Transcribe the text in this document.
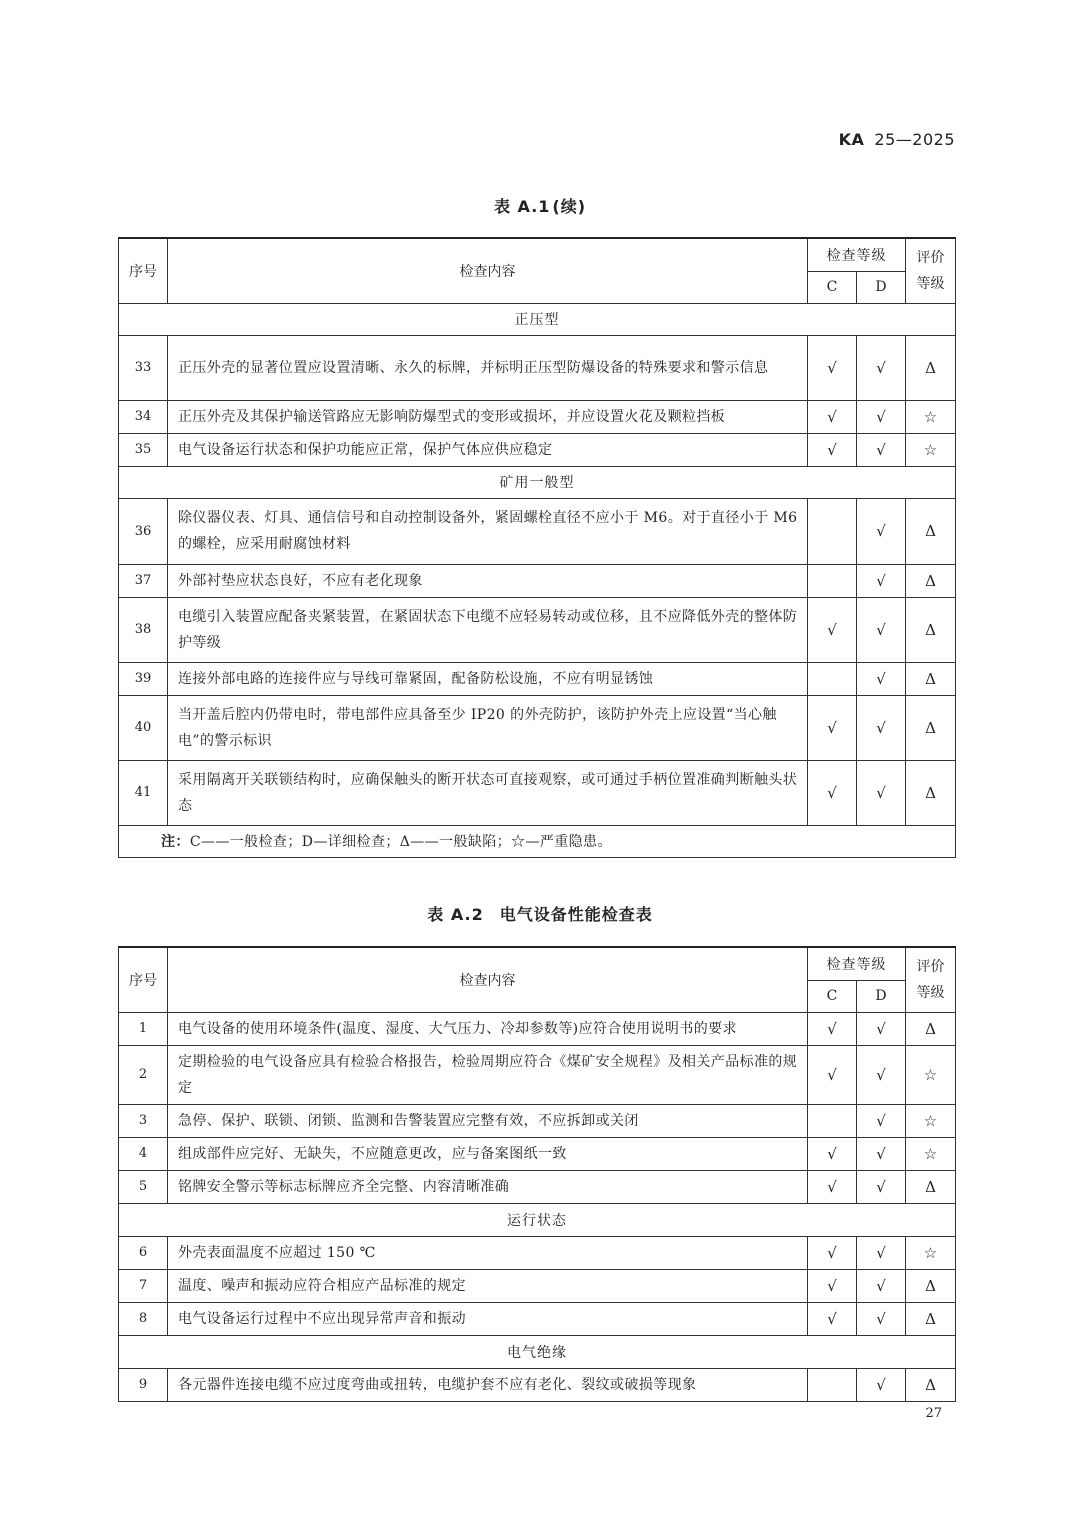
KA 25—2025
表 A.1 (续)
序号	检查内容	检查等级		评价
等级
		C	D	
正压型				
33	正压外壳的显著位置应设置清晰、永久的标牌，并标明正压型防爆设备的特殊要求和警示信息	√	√	Δ
34	正压外壳及其保护输送管路应无影响防爆型式的变形或损坏，并应设置火花及颗粒挡板	√	√	☆
35	电气设备运行状态和保护功能应正常，保护气体应供应稳定	√	√	☆
矿用一般型				
36	除仪器仪表、灯具、通信信号和自动控制设备外，紧固螺栓直径不应小于 M6。对于直径小于 M6 的螺栓，应采用耐腐蚀材料		√	Δ
37	外部衬垫应状态良好，不应有老化现象		√	Δ
38	电缆引入装置应配备夹紧装置，在紧固状态下电缆不应轻易转动或位移，且不应降低外壳的整体防护等级	√	√	Δ
39	连接外部电路的连接件应与导线可靠紧固，配备防松设施，不应有明显锈蚀		√	Δ
40	当开盖后腔内仍带电时，带电部件应具备至少 IP20 的外壳防护，该防护外壳上应设置“当心触电”的警示标识	√	√	Δ
41	采用隔离开关联锁结构时，应确保触头的断开状态可直接观察，或可通过手柄位置准确判断触头状态	√	√	Δ
注：C——一般检查；D—详细检查；Δ——一般缺陷；☆—严重隐患。				
表 A.2 电气设备性能检查表
序号	检查内容	检查等级		评价
等级
		C	D	
1	电气设备的使用环境条件(温度、湿度、大气压力、冷却参数等)应符合使用说明书的要求	√	√	Δ
2	定期检验的电气设备应具有检验合格报告，检验周期应符合《煤矿安全规程》及相关产品标准的规定	√	√	☆
3	急停、保护、联锁、闭锁、监测和告警装置应完整有效，不应拆卸或关闭		√	☆
4	组成部件应完好、无缺失，不应随意更改，应与备案图纸一致	√	√	☆
5	铭牌安全警示等标志标牌应齐全完整、内容清晰准确	√	√	Δ
运行状态				
6	外壳表面温度不应超过 150 ℃	√	√	☆
7	温度、噪声和振动应符合相应产品标准的规定	√	√	Δ
8	电气设备运行过程中不应出现异常声音和振动	√	√	Δ
电气绝缘				
9	各元器件连接电缆不应过度弯曲或扭转，电缆护套不应有老化、裂纹或破损等现象		√	Δ
27
